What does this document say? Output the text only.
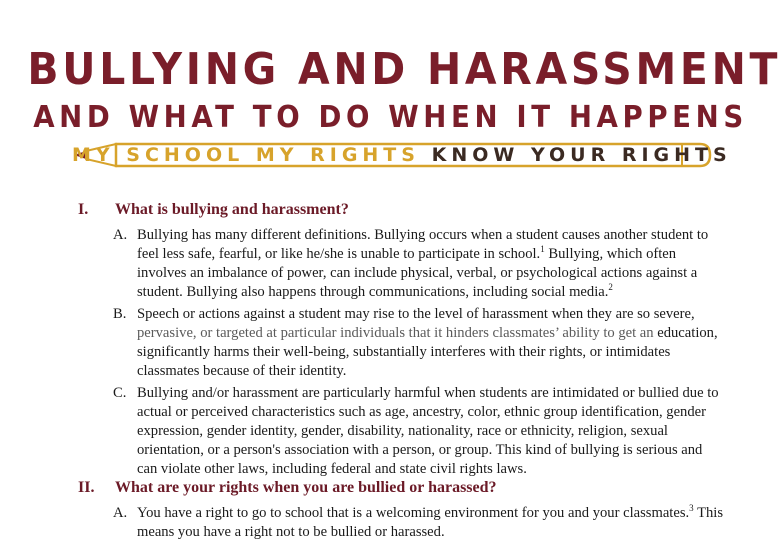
BULLYING AND HARASSMENT
AND WHAT TO DO WHEN IT HAPPENS
MY SCHOOL MY RIGHTS KNOW YOUR RIGHTS
I. What is bullying and harassment?
A. Bullying has many different definitions. Bullying occurs when a student causes another student to feel less safe, fearful, or like he/she is unable to participate in school.$^1$ Bullying, which often involves an imbalance of power, can include physical, verbal, or psychological actions against a student. Bullying also happens through communications, including social media.$^2$
B. Speech or actions against a student may rise to the level of harassment when they are so severe, pervasive, or targeted at particular individuals that it hinders classmates’ ability to get an education, significantly harms their well-being, substantially interferes with their rights, or intimidates classmates because of their identity.
C. Bullying and/or harassment are particularly harmful when students are intimidated or bullied due to actual or perceived characteristics such as age, ancestry, color, ethnic group identification, gender expression, gender identity, gender, disability, nationality, race or ethnicity, religion, sexual orientation, or a person's association with a person, or group. This kind of bullying is serious and can violate other laws, including federal and state civil rights laws.
II. What are your rights when you are bullied or harassed?
A. You have a right to go to school that is a welcoming environment for you and your classmates.$^3$ This means you have a right not to be bullied or harassed.
